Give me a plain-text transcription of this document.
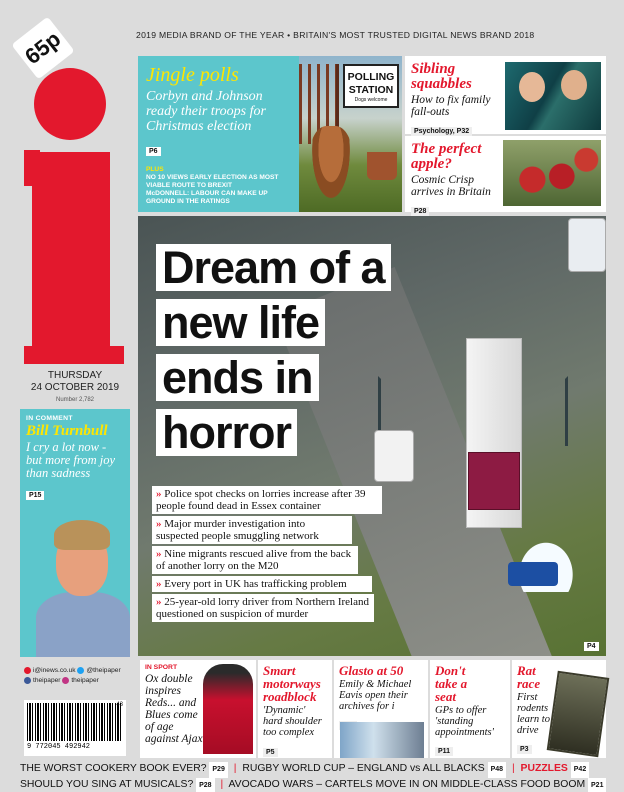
65p	2019 MEDIA BRAND OF THE YEAR • BRITAIN'S MOST TRUSTED DIGITAL NEWS BRAND 2018
THURSDAY
24 OCTOBER 2019
Number 2,782
Jingle polls
Corbyn and Johnson ready their troops for Christmas election
P6
PLUS
NO 10 VIEWS EARLY ELECTION AS MOST VIABLE ROUTE TO BREXIT
McDONNELL: LABOUR CAN MAKE UP GROUND IN THE RATINGS
POLLING STATION
Dogs welcome
Sibling squabbles
How to fix family fall-outs
Psychology, P32
The perfect apple?
Cosmic Crisp arrives in Britain
P28
Dream of a
new life
ends in
horror
» Police spot checks on lorries increase after 39 people found dead in Essex container
» Major murder investigation into suspected people smuggling network
» Nine migrants rescued alive from the back of another lorry on the M20
» Every port in UK has trafficking problem
» 25-year-old lorry driver from Northern Ireland questioned on suspicion of murder
P4
IN COMMENT
Bill Turnbull
I cry a lot now - but more from joy than sadness
P15
i@inews.co.uk @theipaper
theipaper theipaper
9 772045 492942
43
IN SPORT
Ox double inspires Reds... and Blues come of age against Ajax
Smart motorways roadblock
'Dynamic' hard shoulder too complex
P5
Glasto at 50
Emily & Michael Eavis open their archives for i
Don't take a seat
GPs to offer 'standing appointments'
P11
Rat race
First rodents learn to drive
P3
THE WORST COOKERY BOOK EVER? P29 | RUGBY WORLD CUP – ENGLAND vs ALL BLACKS P48 | PUZZLES P42
SHOULD YOU SING AT MUSICALS? P28 | AVOCADO WARS – CARTELS MOVE IN ON MIDDLE-CLASS FOOD BOOM P21
